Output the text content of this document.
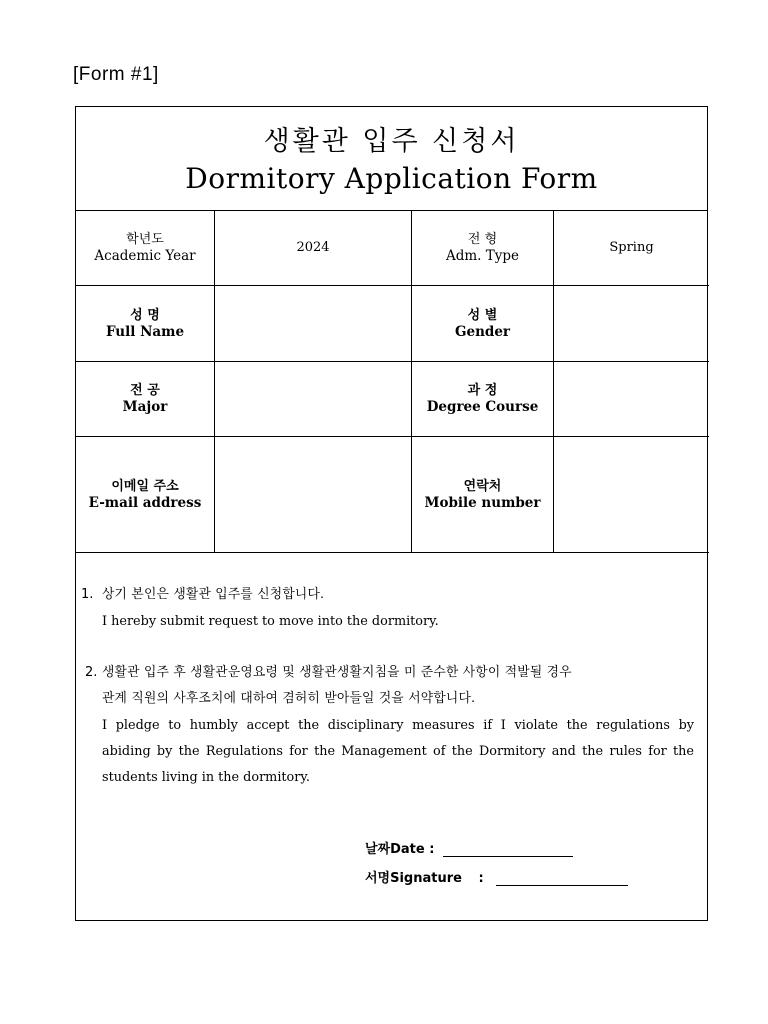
[Form #1]
생활관 입주 신청서
Dormitory Application Form
학년도
Academic Year
2024
전 형
Adm. Type
Spring
성 명
Full Name
성 별
Gender
전 공
Major
과 정
Degree Course
이메일 주소
E-mail address
연락처
Mobile number
1. 상기 본인은 생활관 입주를 신청합니다.
I hereby submit request to move into the dormitory.
2. 생활관 입주 후 생활관운영요령 및 생활관생활지침을 미 준수한 사항이 적발될 경우
관계 직원의 사후조치에 대하여 겸허히 받아들일 것을 서약합니다.
I pledge to humbly accept the disciplinary measures if I violate the regulations by
abiding by the Regulations for the Management of the Dormitory and the rules for the
students living in the dormitory.
날짜Date :
서명Signature :
